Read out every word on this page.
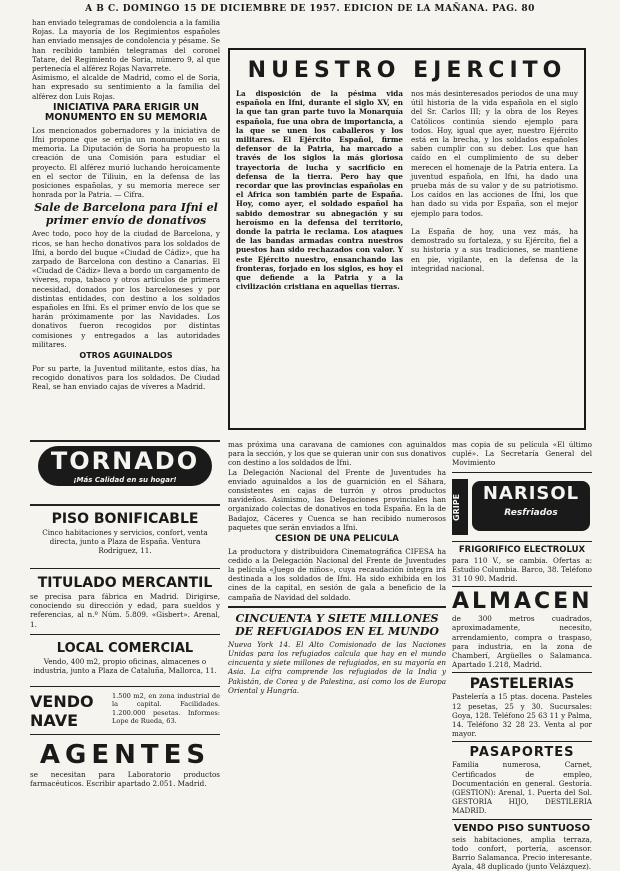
A B C. DOMINGO 15 DE DICIEMBRE DE 1957. EDICION DE LA MAÑANA. PAG. 80

han enviado telegramas de condolencia a la familia Rojas. La mayoría de los Regimientos españoles han enviado mensajes de condolencia y pésame. Se han recibido también telegramas del coronel Tatare, del Regimiento de Soria, número 9, al que pertenecía el alférez Rojas Navarrete.

Asimismo, el alcalde de Madrid, como el de Soria, han expresado su sentimiento a la familia del alférez don Luis Rojas.

INICIATIVA PARA ERIGIR UN MONUMENTO EN SU MEMORIA

Los mencionados gobernadores y la iniciativa de Ifni propone que se erija un monumento en su memoria. La Diputación de Soria ha propuesto la creación de una Comisión para estudiar el proyecto. El alférez murió luchando heroicamente en el sector de Tiliuin, en la defensa de las posiciones españolas, y su memoria merece ser honrada por la Patria. — Cifra.

Sale de Barcelona para Ifni el primer envío de donativos

Avec todo, poco hoy de la ciudad de Barcelona, y ricos, se han hecho donativos para los soldados de Ifni, a bordo del buque «Ciudad de Cádiz», que ha zarpado de Barcelona con destino a Canarias. El «Ciudad de Cádiz» lleva a bordo un cargamento de víveres, ropa, tabaco y otros artículos de primera necesidad, donados por los barceloneses y por distintas entidades, con destino a los soldados españoles en Ifni. Es el primer envío de los que se harán próximamente por las Navidades. Los donativos fueron recogidos por distintas comisiones y entregados a las autoridades militares.

OTROS AGUINALDOS

Por su parte, la Juventud militante, estos días, ha recogido donativos para los soldados. De Ciudad Real, se han enviado cajas de víveres a Madrid.

NUESTRO EJERCITO

La disposición de la pésima vida española en Ifni, durante el siglo XV, en la que tan gran parte tuvo la Monarquía española, fue una obra de importancia, a la que se unen los caballeros y los militares. El Ejército Español, firme defensor de la Patria, ha marcado a través de los siglos la más gloriosa trayectoria de lucha y sacrificio en defensa de la tierra. Pero hay que recordar que las provincias españolas en el Africa son también parte de España. Hoy, como ayer, el soldado español ha sabido demostrar su abnegación y su heroísmo en la defensa del territorio, donde la patria le reclama. Los ataques de las bandas armadas contra nuestros puestos han sido rechazados con valor. Y este Ejército nuestro, ensanchando las fronteras, forjado en los siglos, es hoy el que defiende a la Patria y a la civilización cristiana en aquellas tierras.

nos más desinteresados periodos de una muy útil historia de la vida española en el siglo del Sr. Carlos III; y la obra de los Reyes Católicos continúa siendo ejemplo para todos. Hoy, igual que ayer, nuestro Ejército está en la brecha, y los soldados españoles saben cumplir con su deber. Los que han caído en el cumplimiento de su deber merecen el homenaje de la Patria entera. La juventud española, en Ifni, ha dado una prueba más de su valor y de su patriotismo. Los caídos en las acciones de Ifni, los que han dado su vida por España, son el mejor ejemplo para todos.

La España de hoy, una vez más, ha demostrado su fortaleza, y su Ejército, fiel a su historia y a sus tradiciones, se mantiene en pie, vigilante, en la defensa de la integridad nacional.

TORNADO
¡Más Calidad en su hogar!

PISO BONIFICABLE

Cinco habitaciones y servicios, confort, venta directa, junto a Plaza de España. Ventura Rodríguez, 11.

TITULADO MERCANTIL

se precisa para fábrica en Madrid. Dirigirse, conociendo su dirección y edad, para sueldos y referencias, al n.º Núm. 5.809. «Gisbert». Arenal, 1.

LOCAL COMERCIAL

Vendo, 400 m2, propio oficinas, almacenes o industria, junto a Plaza de Cataluña, Mallorca, 11.

VENDO NAVE

1.500 m2, en zona industrial de la capital. Facilidades. 1.200.000 pesetas. Informes: Lope de Rueda, 63.

AGENTES

se necesitan para Laboratorio productos farmacéuticos. Escribir apartado 2.051. Madrid.

mas próxima una caravana de camiones con aguinaldos para la sección, y los que se quieran unir con sus donativos con destino a los soldados de Ifni.

La Delegación Nacional del Frente de Juventudes ha enviado aguinaldos a los de guarnición en el Sáhara, consistentes en cajas de turrón y otros productos navideños. Asimismo, las Delegaciones provinciales han organizado colectas de donativos en toda España. En la de Badajoz, Cáceres y Cuenca se han recibido numerosos paquetes que serán enviados a Ifni.

CESION DE UNA PELICULA

La productora y distribuidora Cinematográfica CIFESA ha cedido a la Delegación Nacional del Frente de Juventudes la película «Juego de niños», cuya recaudación íntegra irá destinada a los soldados de Ifni. Ha sido exhibida en los cines de la capital, en sesión de gala a beneficio de la campaña de Navidad del soldado.

CINCUENTA Y SIETE MILLONES DE REFUGIADOS EN EL MUNDO

Nueva York 14. El Alto Comisionado de las Naciones Unidas para los refugiados calcula que hay en el mundo cincuenta y siete millones de refugiados, en su mayoría en Asia. La cifra comprende los refugiados de la India y Pakistán, de Corea y de Palestina, así como los de Europa Oriental y Hungría.

mas copia de su película «El último cuplé». La Secretaría General del Movimiento

GRIPE	NARISOL
Resfriados

FRIGORIFICO ELECTROLUX

para 110 V., se cambia. Ofertas a: Estudio Columbia. Barco, 38. Teléfono 31 10 90. Madrid.

ALMACEN

de 300 metros cuadrados, aproximadamente, necesito, arrendamiento, compra o traspaso, para industria, en la zona de Chamberí, Argüelles o Salamanca. Apartado 1.218, Madrid.

PASTELERIAS

Pastelería a 15 ptas. docena. Pasteles 12 pesetas, 25 y 30. Sucursales: Goya, 128. Teléfono 25 63 11 y Palma, 14. Teléfono 32 28 23. Venta al por mayor.

PASAPORTES

Familia numerosa, Carnet, Certificados de empleo, Documentación en general. Gestoría. (GESTION): Arenal, 1. Puerta del Sol. GESTORIA HIJO, DESTILERIA MADRID.

VENDO PISO SUNTUOSO

seis habitaciones, amplia terraza, todo confort, portería, ascensor. Barrio Salamanca. Precio interesante. Ayala, 48 duplicado (junto Velázquez).
